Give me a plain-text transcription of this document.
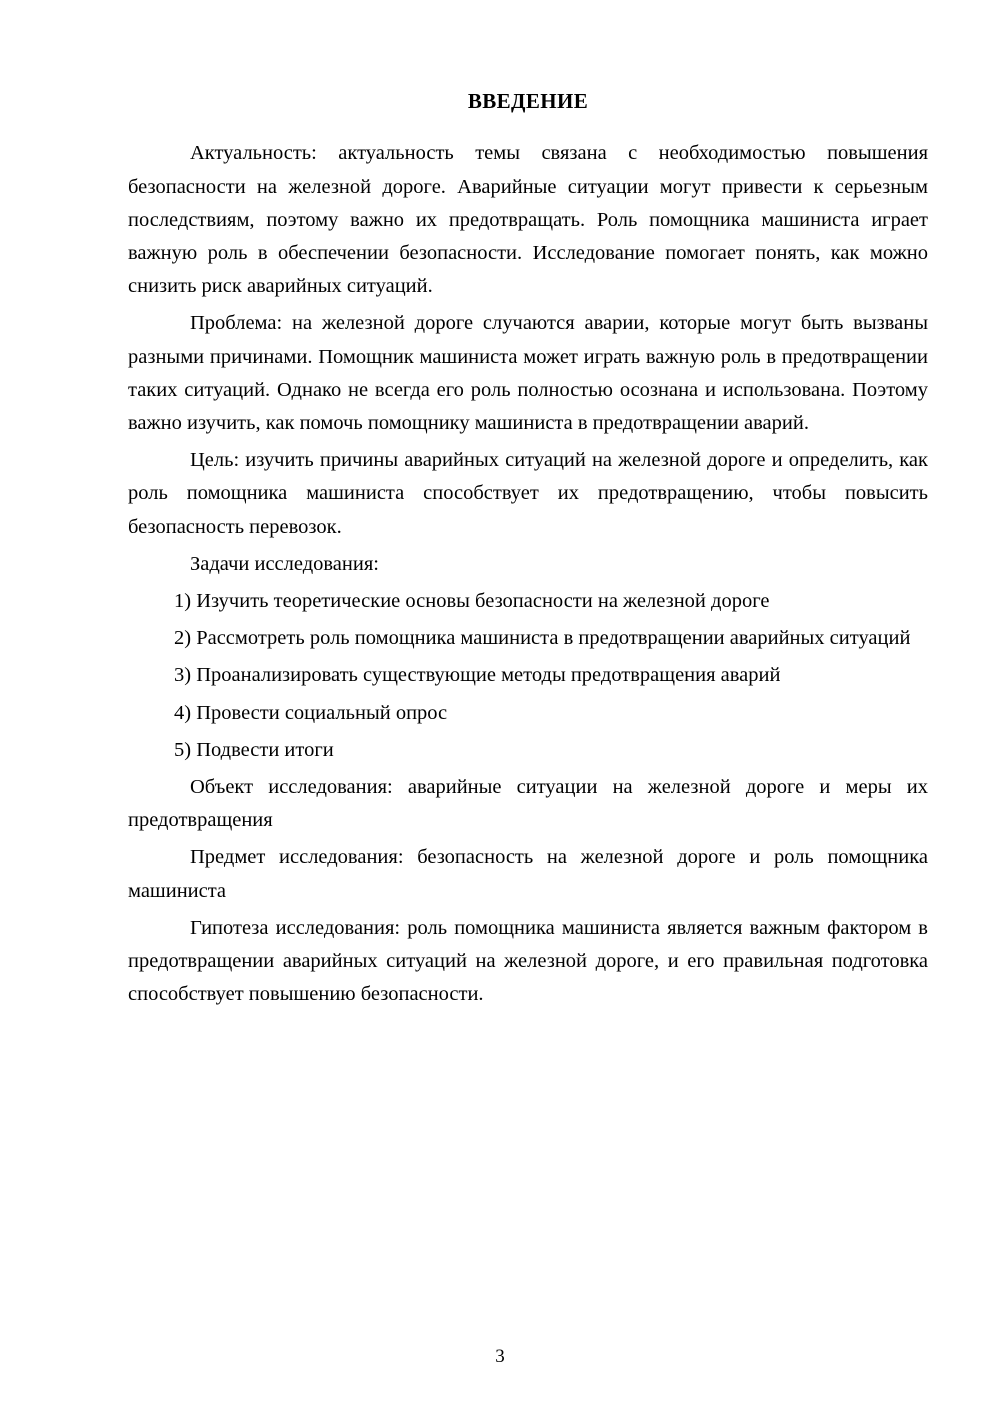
ВВЕДЕНИЕ

Актуальность: актуальность темы связана с необходимостью повышения безопасности на железной дороге. Аварийные ситуации могут привести к серьезным последствиям, поэтому важно их предотвращать. Роль помощника машиниста играет важную роль в обеспечении безопасности. Исследование помогает понять, как можно снизить риск аварийных ситуаций.

Проблема: на железной дороге случаются аварии, которые могут быть вызваны разными причинами. Помощник машиниста может играть важную роль в предотвращении таких ситуаций. Однако не всегда его роль полностью осознана и использована. Поэтому важно изучить, как помочь помощнику машиниста в предотвращении аварий.

Цель: изучить причины аварийных ситуаций на железной дороге и определить, как роль помощника машиниста способствует их предотвращению, чтобы повысить безопасность перевозок.

Задачи исследования:

1) Изучить теоретические основы безопасности на железной дороге

2) Рассмотреть роль помощника машиниста в предотвращении аварийных ситуаций

3) Проанализировать существующие методы предотвращения аварий

4) Провести социальный опрос

5) Подвести итоги

Объект исследования: аварийные ситуации на железной дороге и меры их предотвращения

Предмет исследования: безопасность на железной дороге и роль помощника машиниста

Гипотеза исследования: роль помощника машиниста является важным фактором в предотвращении аварийных ситуаций на железной дороге, и его правильная подготовка способствует повышению безопасности.

3
